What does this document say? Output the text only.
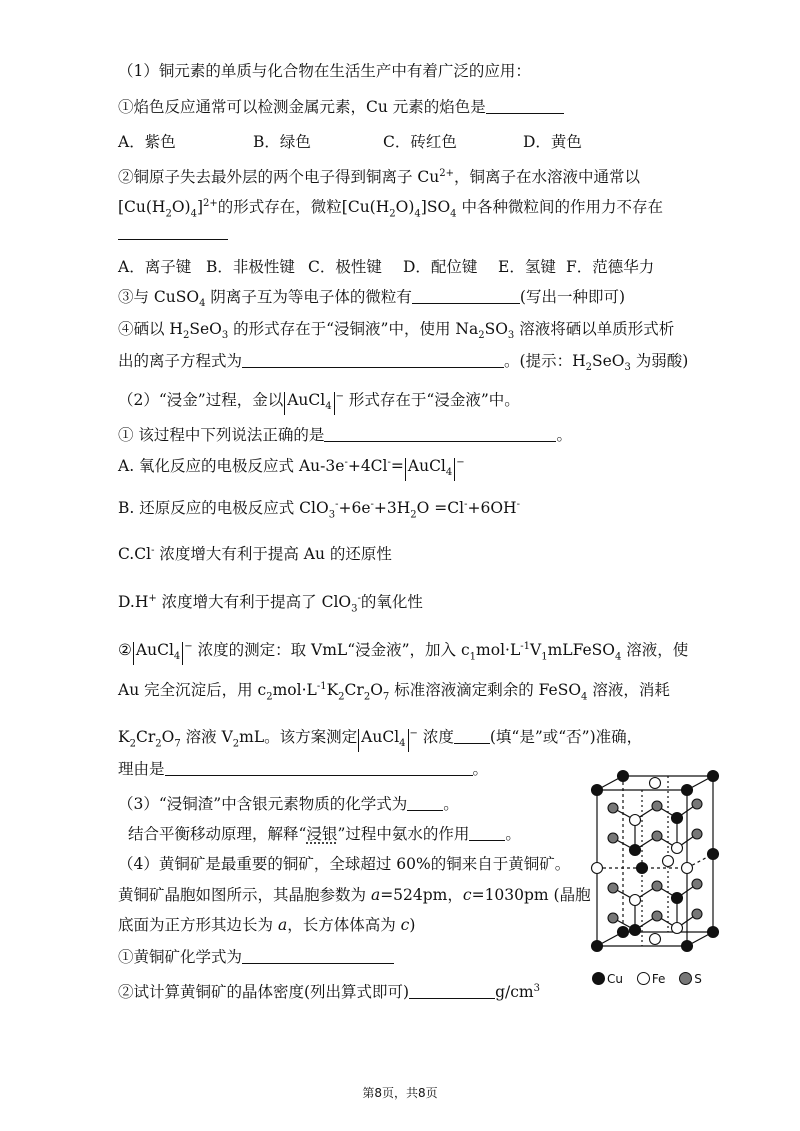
（1）铜元素的单质与化合物在生活生产中有着广泛的应用：
①焰色反应通常可以检测金属元素，Cu 元素的焰色是
A．紫色	B．绿色	C．砖红色	D．黄色
②铜原子失去最外层的两个电子得到铜离子 $Cu^{2+}$，铜离子在水溶液中通常以
$[Cu(H_2O)_4]^{2+}$的形式存在，微粒$[Cu(H_2O)_4]SO_4$ 中各种微粒间的作用力不存在
A．离子键 B．非极性键 C．极性键 D．配位键 E．氢键 F．范德华力
③与 CuSO$_4$ 阴离子互为等电子体的微粒有	(写出一种即可)
④硒以 $H_2SeO_3$ 的形式存在于“浸铜液”中，使用 $Na_2SO_3$ 溶液将硒以单质形式析
出的离子方程式为	。(提示：$H_2SeO_3$ 为弱酸)
（2）“浸金”过程，金以 AuCl$_4$− 形式存在于“浸金液”中。
① 该过程中下列说法正确的是	。
A. 氧化反应的电极反应式 Au-3e-+4Cl-= AuCl$_4$−
B. 还原反应的电极反应式 $ClO_3^-+6e^-+3H_2O =Cl^-+6OH^-$
C.Cl- 浓度增大有利于提高 Au 的还原性
D.H+ 浓度增大有利于提高了 ClO$_3$-的氧化性
② AuCl$_4$− 浓度的测定：取 VmL“浸金液”，加入 $c_1mol\cdot L^{-1}V_1mLFeSO_4$ 溶液，使
Au 完全沉淀后，用 $c_2mol\cdot L^{-1}K_2Cr_2O_7$ 标准溶液滴定剩余的 FeSO$_4$ 溶液，消耗
$K_2Cr_2O_7$ 溶液 $V_2mL$。该方案测定 AuCl$_4$− 浓度 (填“是”或“否”)准确，
理由是	。
（3）“浸铜渣”中含银元素物质的化学式为 。
结合平衡移动原理，解释“浸银”过程中氨水的作用 。
（4）黄铜矿是最重要的铜矿，全球超过 60%的铜来自于黄铜矿。
黄铜矿晶胞如图所示，其晶胞参数为 a=524pm，c=1030pm (晶胞
底面为正方形其边长为 a，长方体体高为 c)
①黄铜矿化学式为
②试计算黄铜矿的晶体密度(列出算式即可)	$g/cm^3$
Cu Fe S
第8页，共8页
